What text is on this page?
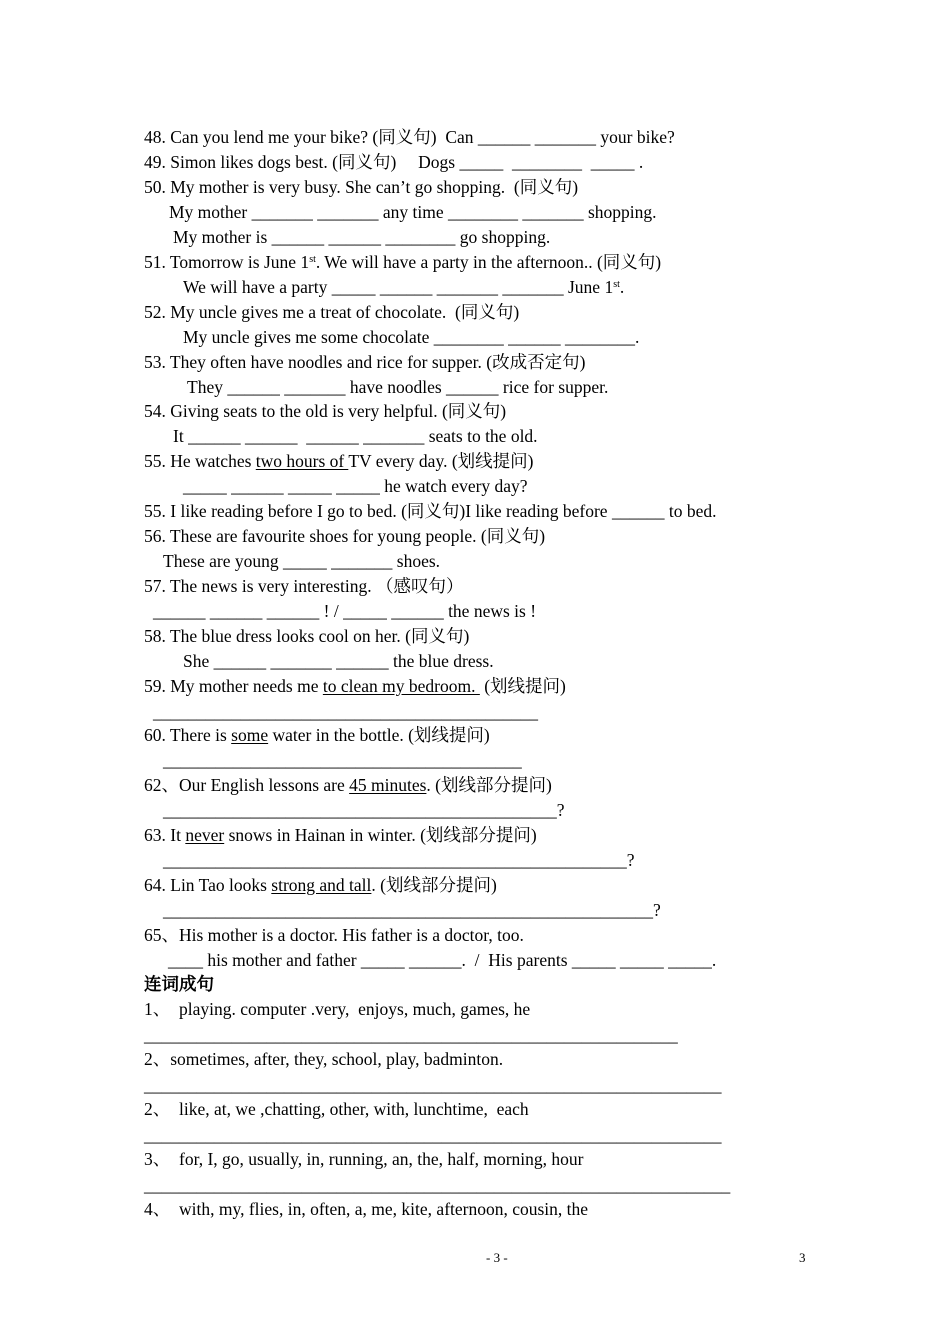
48. Can you lend me your bike? (同义句)  Can ______ _______ your bike?
49. Simon likes dogs best. (同义句)     Dogs _____  ________  _____ .
50. My mother is very busy. She can’t go shopping.  (同义句)
My mother _______ _______ any time ________ _______ shopping.
My mother is ______ ______ ________ go shopping.
51. Tomorrow is June 1st. We will have a party in the afternoon.. (同义句)
We will have a party _____ ______ _______ _______ June 1st.
52. My uncle gives me a treat of chocolate.  (同义句)
My uncle gives me some chocolate ________ ______ ________.
53. They often have noodles and rice for supper. (改成否定句)
They ______ _______ have noodles ______ rice for supper.
54. Giving seats to the old is very helpful. (同义句)
It ______ ______  ______ _______ seats to the old.
55. He watches two hours of TV every day. (划线提问)
_____ ______ _____ _____ he watch every day?
55. I like reading before I go to bed. (同义句)I like reading before ______ to bed.
56. These are favourite shoes for young people. (同义句)
These are young _____ _______ shoes.
57. The news is very interesting. （感叹句）
______ ______ ______ ! / _____ ______ the news is !
58. The blue dress looks cool on her. (同义句)
She ______ _______ ______ the blue dress.
59. My mother needs me to clean my bedroom.  (划线提问)
____________________________________________
60. There is some water in the bottle. (划线提问)
_________________________________________
62、Our English lessons are 45 minutes. (划线部分提问)
_____________________________________________?
63. It never snows in Hainan in winter. (划线部分提问)
_____________________________________________________?
64. Lin Tao looks strong and tall. (划线部分提问)
________________________________________________________?
65、His mother is a doctor. His father is a doctor, too.
____ his mother and father _____ ______.  /  His parents _____ _____ _____.
连词成句
1、  playing. computer .very,  enjoys, much, games, he
_____________________________________________________________
2、sometimes, after, they, school, play, badminton.
__________________________________________________________________
2、  like, at, we ,chatting, other, with, lunchtime,  each
__________________________________________________________________
3、  for, I, go, usually, in, running, an, the, half, morning, hour
___________________________________________________________________
4、  with, my, flies, in, often, a, me, kite, afternoon, cousin, the
- 3 -	3
